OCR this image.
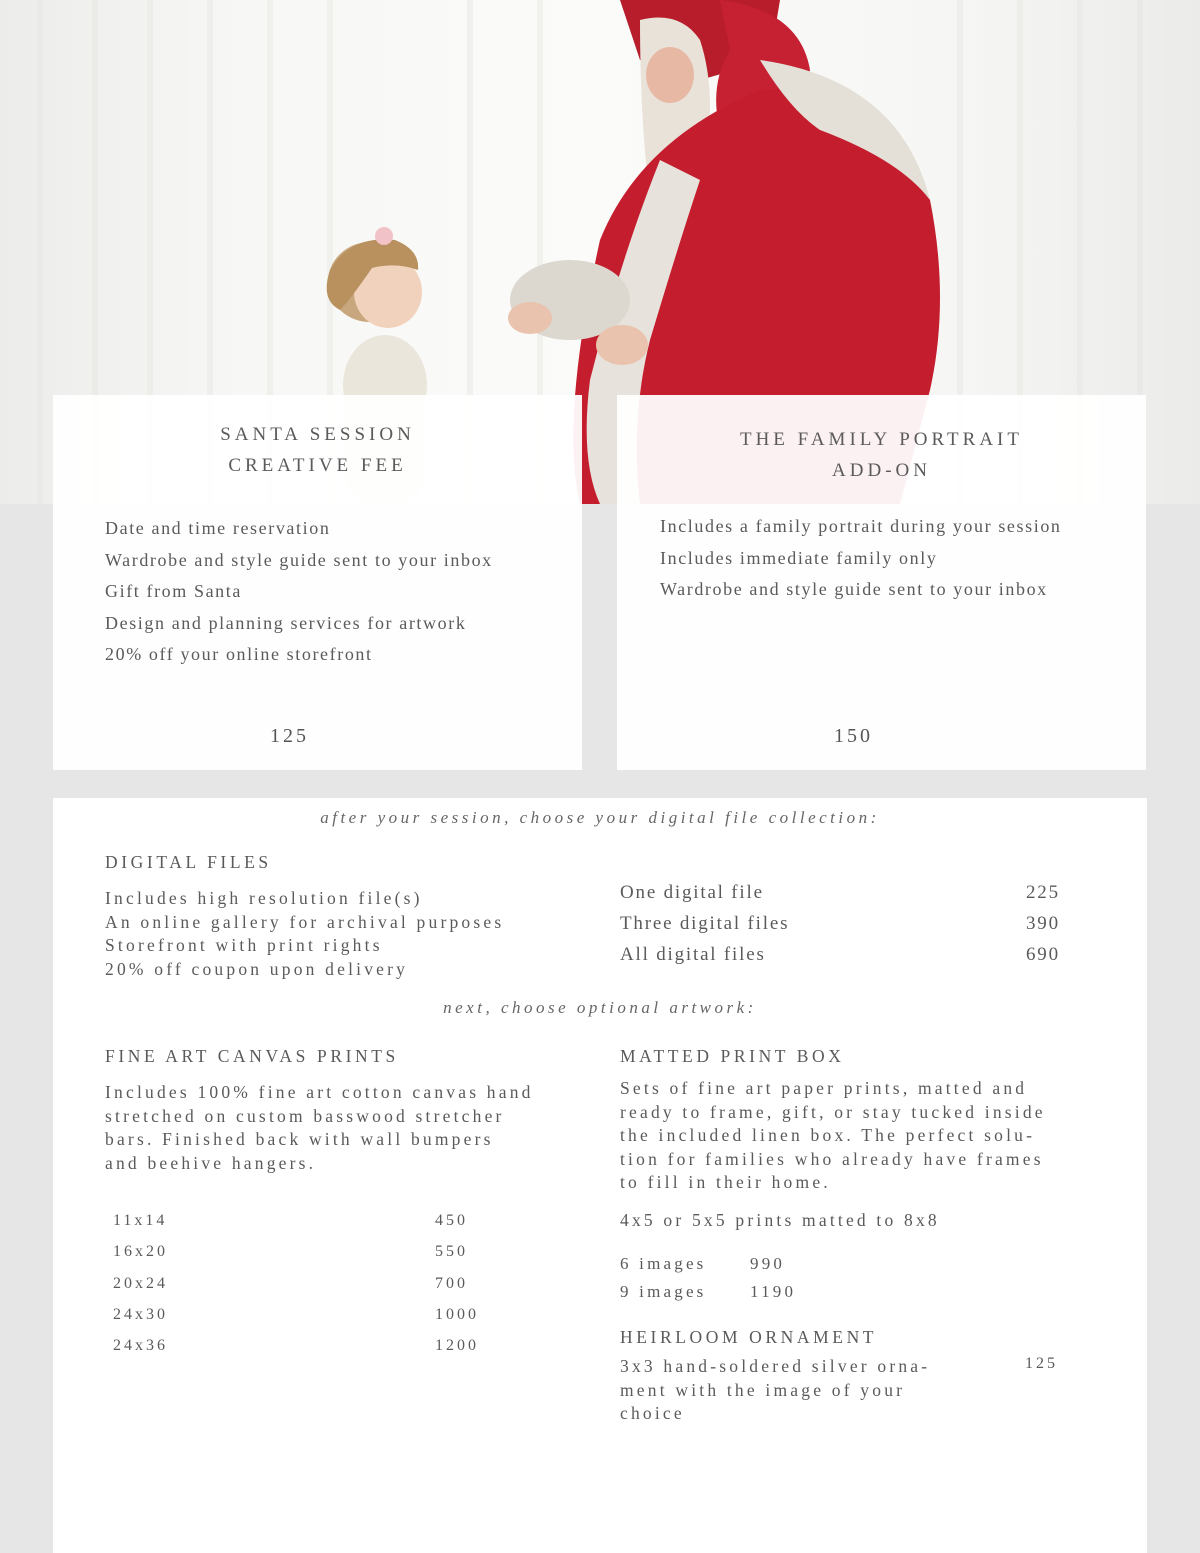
SANTA SESSION
CREATIVE FEE
Date and time reservation
Wardrobe and style guide sent to your inbox
Gift from Santa
Design and planning services for artwork
20% off your online storefront
125
THE FAMILY PORTRAIT
ADD-ON
Includes a family portrait during your session
Includes immediate family only
Wardrobe and style guide sent to your inbox
150
after your session, choose your digital file collection:
DIGITAL FILES

Includes high resolution file(s)
An online gallery for archival purposes
Storefront with print rights
20% off coupon upon delivery

One digital file	225
Three digital files	390
All digital files	690
next, choose optional artwork:
FINE ART CANVAS PRINTS

Includes 100% fine art cotton canvas hand
stretched on custom basswood stretcher
bars. Finished back with wall bumpers
and beehive hangers.

11x14	450
16x20	550
20x24	700
24x30	1000
24x36	1200
MATTED PRINT BOX

Sets of fine art paper prints, matted and
ready to frame, gift, or stay tucked inside
the included linen box. The perfect solu-
tion for families who already have frames
to fill in their home.

4x5 or 5x5 prints matted to 8x8
6 images	990
9 images	1190
HEIRLOOM ORNAMENT

3x3 hand-soldered silver orna-
ment with the image of your
choice

125
